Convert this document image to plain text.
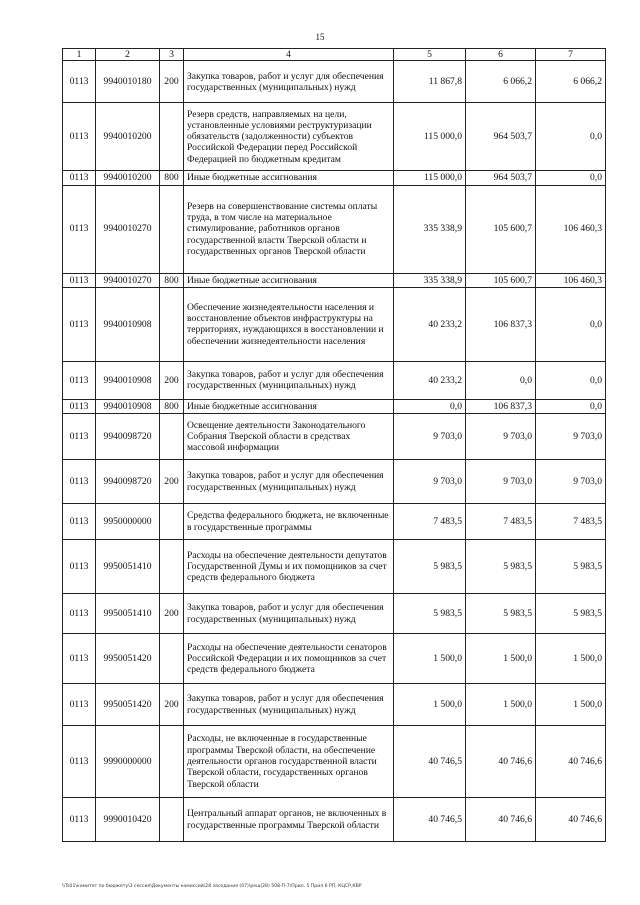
15
1	2	3	4	5	6	7
0113	9940010180	200	Закупка товаров, работ и услуг для обеспечения государственных (муниципальных) нужд	11 867,8	6 066,2	6 066,2
0113	9940010200		Резерв средств, направляемых на цели, установленные условиями реструктуризации обязательств (задолженности) субъектов Российской Федерации перед Российской Федерацией по бюджетным кредитам	115 000,0	964 503,7	0,0
0113	9940010200	800	Иные бюджетные ассигнования	115 000,0	964 503,7	0,0
0113	9940010270		Резерв на совершенствование системы оплаты труда, в том числе на материальное стимулирование, работников органов государственной власти Тверской области и государственных органов Тверской области	335 338,9	105 600,7	106 460,3
0113	9940010270	800	Иные бюджетные ассигнования	335 338,9	105 600,7	106 460,3
0113	9940010908		Обеспечение жизнедеятельности населения и восстановление объектов инфраструктуры на территориях, нуждающихся в восстановлении и обеспечении жизнедеятельности населения	40 233,2	106 837,3	0,0
0113	9940010908	200	Закупка товаров, работ и услуг для обеспечения государственных (муниципальных) нужд	40 233,2	0,0	0,0
0113	9940010908	800	Иные бюджетные ассигнования	0,0	106 837,3	0,0
0113	9940098720		Освещение деятельности Законодательного Собрания Тверской области в средствах массовой информации	9 703,0	9 703,0	9 703,0
0113	9940098720	200	Закупка товаров, работ и услуг для обеспечения государственных (муниципальных) нужд	9 703,0	9 703,0	9 703,0
0113	9950000000		Средства федерального бюджета, не включенные в государственные программы	7 483,5	7 483,5	7 483,5
0113	9950051410		Расходы на обеспечение деятельности депутатов Государственной Думы и их помощников за счет средств федерального бюджета	5 983,5	5 983,5	5 983,5
0113	9950051410	200	Закупка товаров, работ и услуг для обеспечения государственных (муниципальных) нужд	5 983,5	5 983,5	5 983,5
0113	9950051420		Расходы на обеспечение деятельности сенаторов Российской Федерации и их помощников за счет средств федерального бюджета	1 500,0	1 500,0	1 500,0
0113	9950051420	200	Закупка товаров, работ и услуг для обеспечения государственных (муниципальных) нужд	1 500,0	1 500,0	1 500,0
0113	9990000000		Расходы, не включенные в государственные программы Тверской области, на обеспечение деятельности органов государственной власти Тверской области, государственных органов Тверской области	40 746,5	40 746,6	40 746,6
0113	9990010420		Центральный аппарат органов, не включенных в государственные программы Тверской области	40 746,5	40 746,6	40 746,6
\\Ts01\комитет по бюджету\3 сессия\Документы комиссий\28 заседания (07)\реш(28) 508-П-7\Прил. 5 Прил 6 РП, КЦСР,КВР
